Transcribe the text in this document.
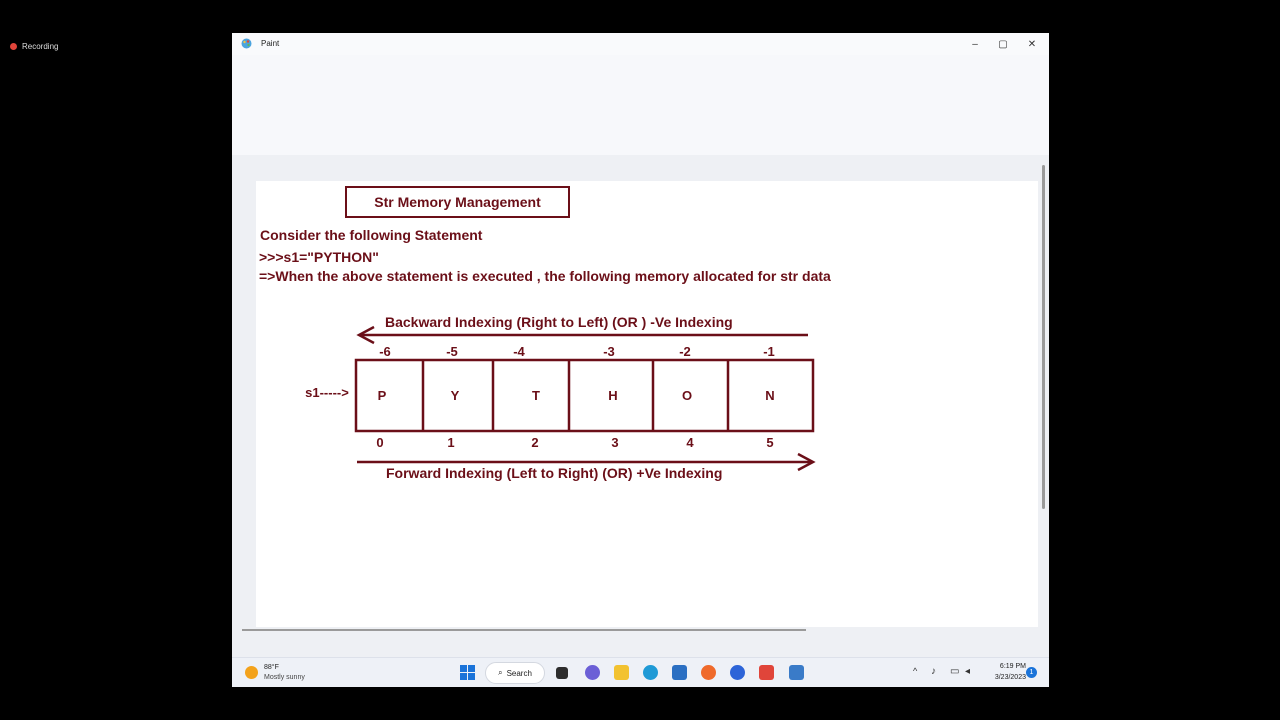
Recording	Paint	– ▢ ✕
Str Memory Management
Consider the following Statement
>>>s1="PYTHON"
=>When the above statement is executed , the following memory allocated for str data
Backward Indexing (Right to Left) (OR ) -Ve Indexing
-6	-5	-4	-3	-2	-1
P	Y	T	H	O	N
s1----->
0	1	2	3	4	5
Forward Indexing (Left to Right) (OR) +Ve Indexing
88°F
Mostly sunny
⌕ Search	^ ♪ ▭ ◂	6:19 PM
3/23/2023
1
